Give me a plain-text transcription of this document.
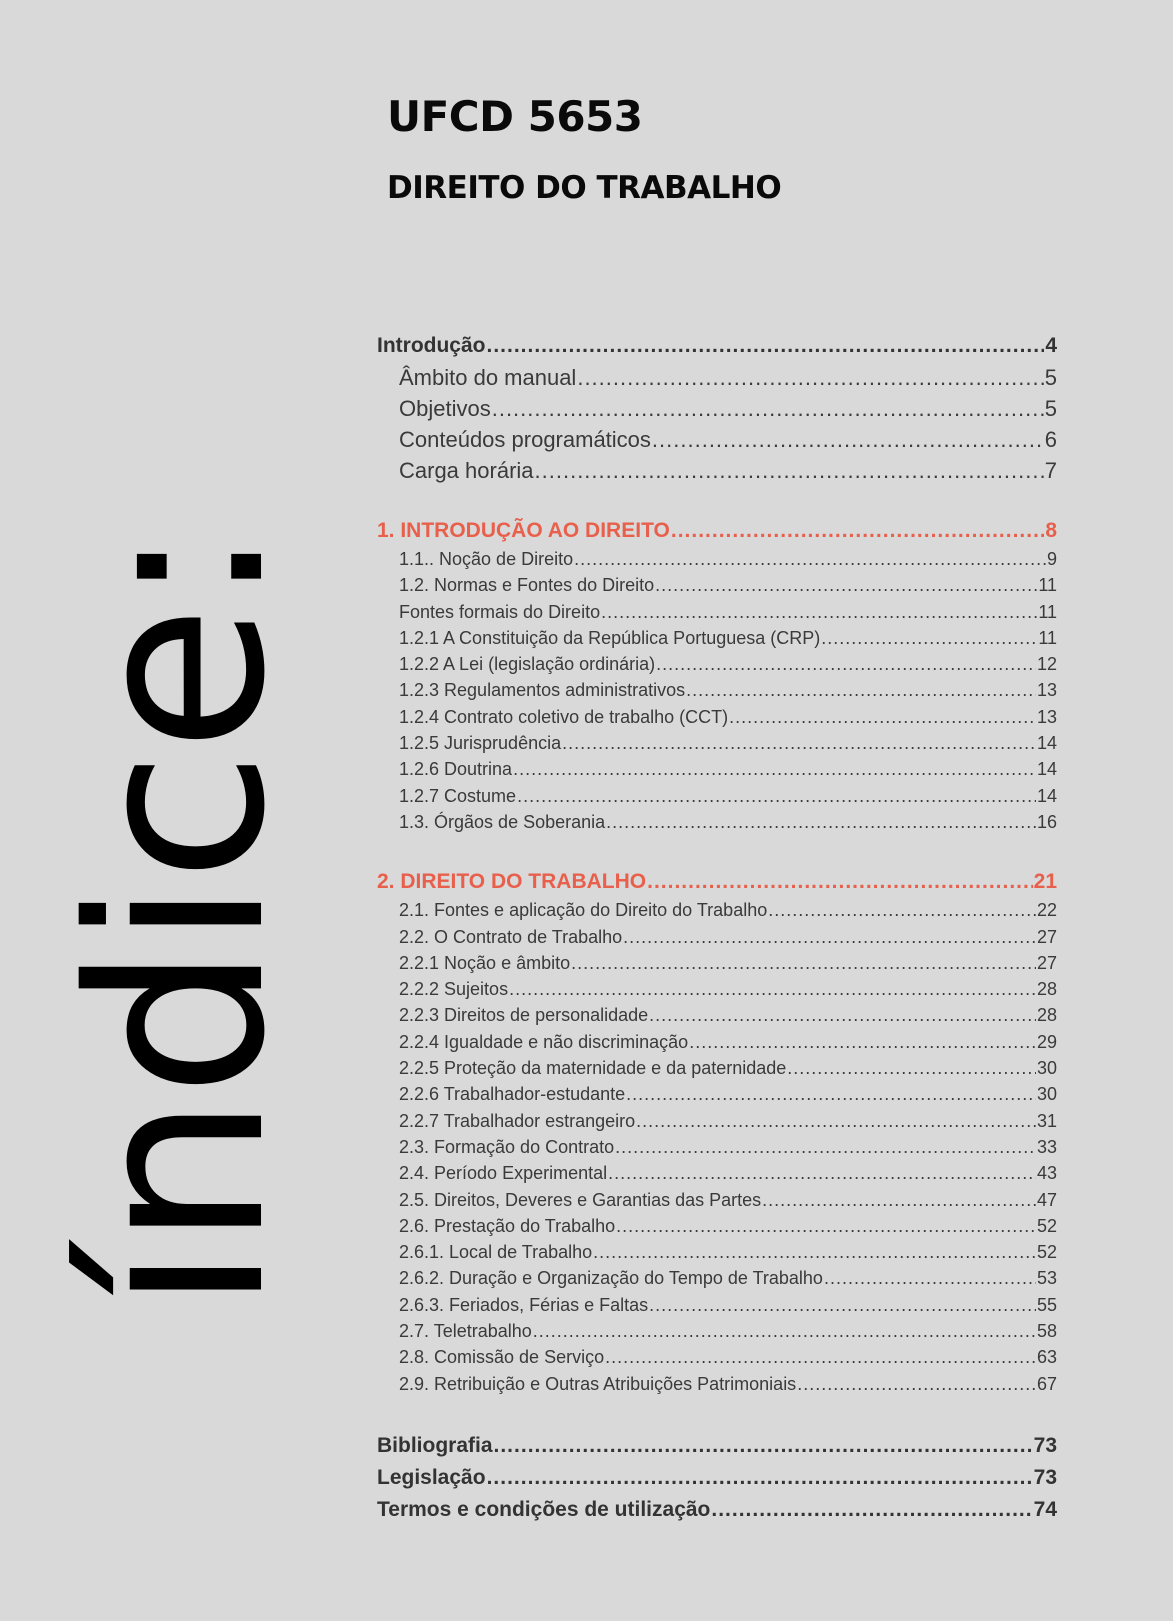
UFCD 5653
DIREITO DO TRABALHO
índice:
Introdução .....	4
Âmbito do manual .....	5
Objetivos .....	5
Conteúdos programáticos .....	6
Carga horária .....	7
1. INTRODUÇÃO AO DIREITO .....	8
1.1.. Noção de Direito .....	9
1.2. Normas e Fontes do Direito .....	11
Fontes formais do Direito .....	11
1.2.1 A Constituição da República Portuguesa (CRP) .....	11
1.2.2 A Lei (legislação ordinária) .....	12
1.2.3 Regulamentos administrativos .....	13
1.2.4 Contrato coletivo de trabalho (CCT) .....	13
1.2.5 Jurisprudência .....	14
1.2.6 Doutrina .....	14
1.2.7 Costume .....	14
1.3. Órgãos de Soberania .....	16
2. DIREITO DO TRABALHO .....	21
2.1. Fontes e aplicação do Direito do Trabalho .....	22
2.2. O Contrato de Trabalho .....	27
2.2.1 Noção e âmbito .....	27
2.2.2 Sujeitos .....	28
2.2.3 Direitos de personalidade .....	28
2.2.4 Igualdade e não discriminação .....	29
2.2.5 Proteção da maternidade e da paternidade .....	30
2.2.6 Trabalhador-estudante .....	30
2.2.7 Trabalhador estrangeiro .....	31
2.3. Formação do Contrato .....	33
2.4. Período Experimental .....	43
2.5. Direitos, Deveres e Garantias das Partes .....	47
2.6. Prestação do Trabalho .....	52
2.6.1. Local de Trabalho .....	52
2.6.2. Duração e Organização do Tempo de Trabalho .....	53
2.6.3. Feriados, Férias e Faltas .....	55
2.7. Teletrabalho .....	58
2.8. Comissão de Serviço .....	63
2.9. Retribuição e Outras Atribuições Patrimoniais .....	67
Bibliografia .....	73
Legislação .....	73
Termos e condições de utilização .....	74
